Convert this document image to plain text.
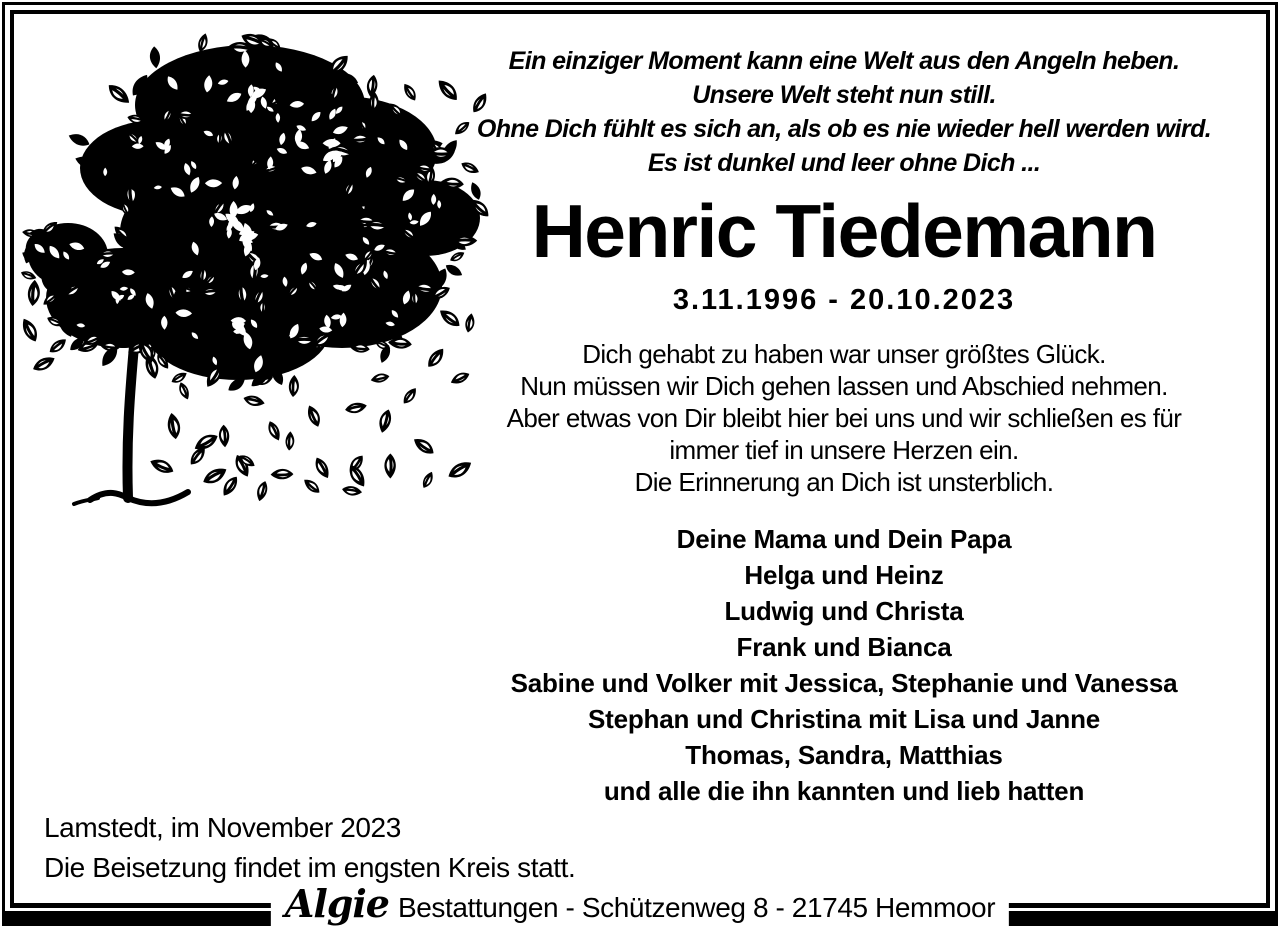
Ein einziger Moment kann eine Welt aus den Angeln heben.
Unsere Welt steht nun still.
Ohne Dich fühlt es sich an, als ob es nie wieder hell werden wird.
Es ist dunkel und leer ohne Dich ...
Henric Tiedemann
3.11.1996 - 20.10.2023
Dich gehabt zu haben war unser größtes Glück.
Nun müssen wir Dich gehen lassen und Abschied nehmen.
Aber etwas von Dir bleibt hier bei uns und wir schließen es für
immer tief in unsere Herzen ein.
Die Erinnerung an Dich ist unsterblich.
Deine Mama und Dein Papa
Helga und Heinz
Ludwig und Christa
Frank und Bianca
Sabine und Volker mit Jessica, Stephanie und Vanessa
Stephan und Christina mit Lisa und Janne
Thomas, Sandra, Matthias
und alle die ihn kannten und lieb hatten
Lamstedt, im November 2023
Die Beisetzung findet im engsten Kreis statt.
Algie Bestattungen - Schützenweg 8 - 21745 Hemmoor
